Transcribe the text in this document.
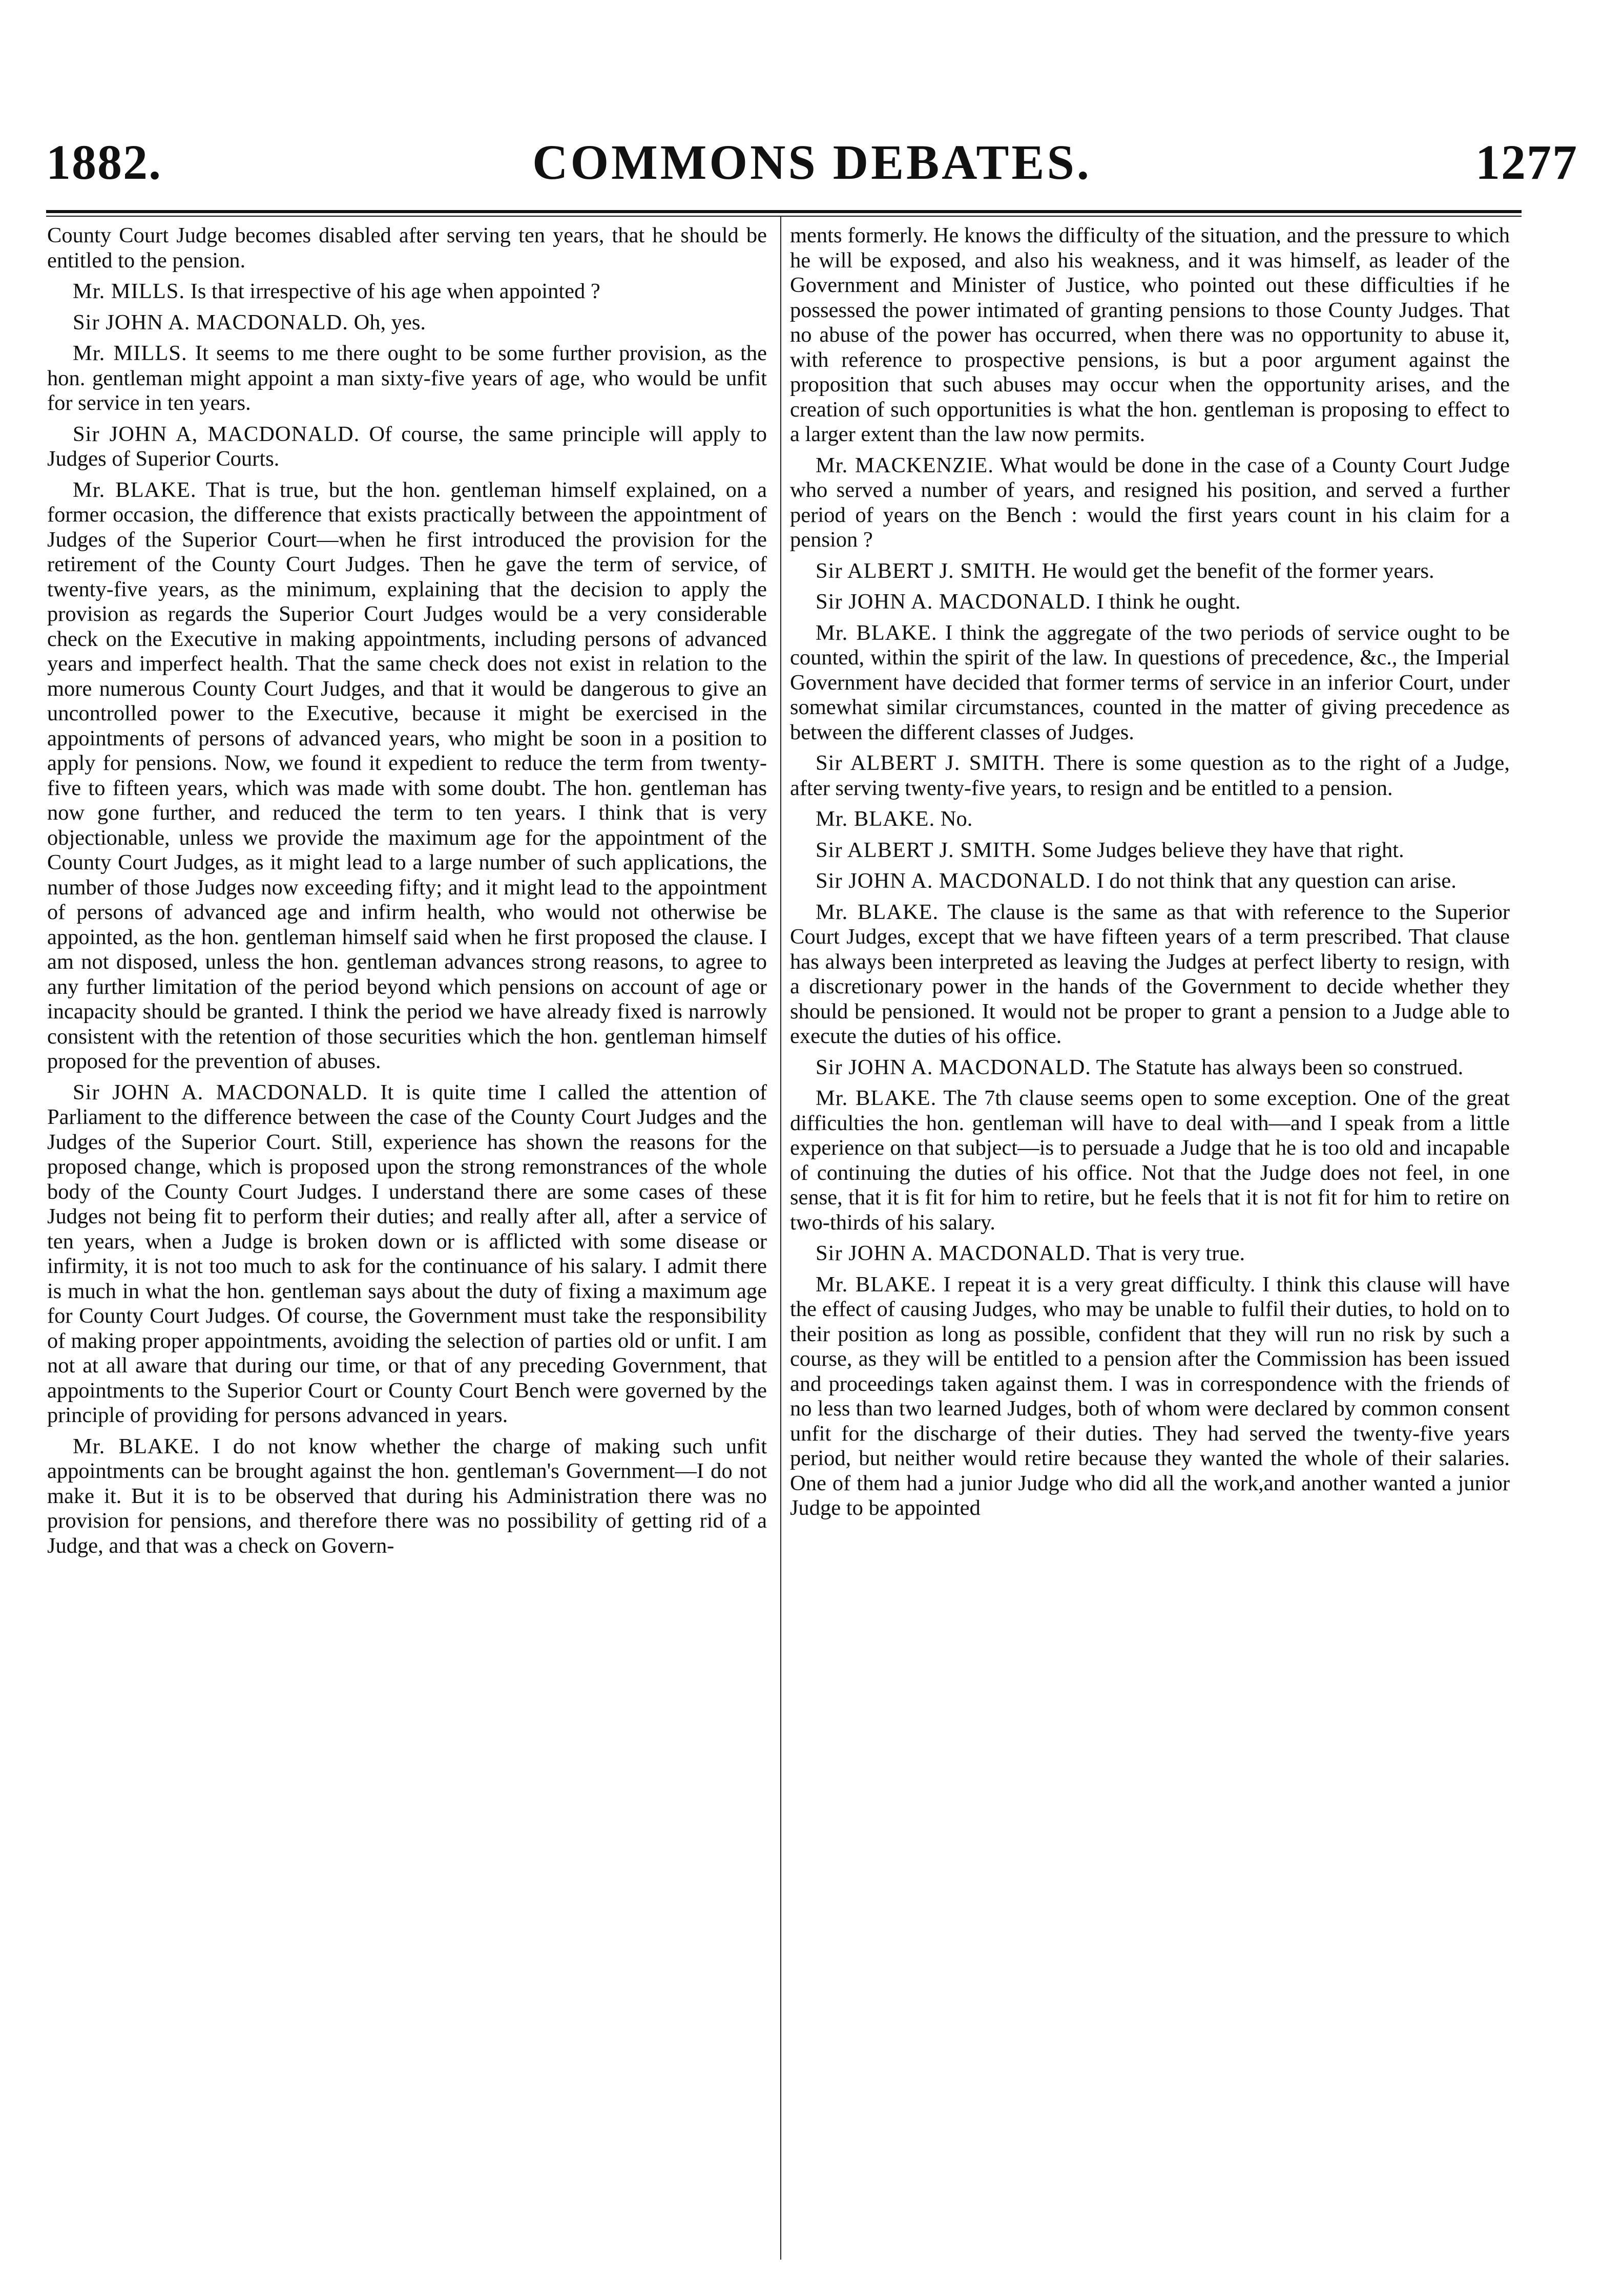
1882.	COMMONS DEBATES.	1277

County Court Judge becomes disabled after serving ten years, that he should be entitled to the pension.

Mr. MILLS. Is that irrespective of his age when appointed ?

Sir JOHN A. MACDONALD. Oh, yes.

Mr. MILLS. It seems to me there ought to be some further provision, as the hon. gentleman might appoint a man sixty-five years of age, who would be unfit for service in ten years.

Sir JOHN A, MACDONALD. Of course, the same principle will apply to Judges of Superior Courts.

Mr. BLAKE. That is true, but the hon. gentleman himself explained, on a former occasion, the difference that exists practically between the appointment of Judges of the Superior Court—when he first introduced the provision for the retirement of the County Court Judges. Then he gave the term of service, of twenty-five years, as the minimum, explaining that the decision to apply the provision as regards the Superior Court Judges would be a very considerable check on the Executive in making appointments, including persons of advanced years and imperfect health. That the same check does not exist in relation to the more numerous County Court Judges, and that it would be dangerous to give an uncontrolled power to the Executive, because it might be exercised in the appointments of persons of advanced years, who might be soon in a position to apply for pensions. Now, we found it expedient to reduce the term from twenty-five to fifteen years, which was made with some doubt. The hon. gentleman has now gone further, and reduced the term to ten years. I think that is very objectionable, unless we provide the maximum age for the appointment of the County Court Judges, as it might lead to a large number of such applications, the number of those Judges now exceeding fifty; and it might lead to the appointment of persons of advanced age and infirm health, who would not otherwise be appointed, as the hon. gentleman himself said when he first proposed the clause. I am not disposed, unless the hon. gentleman advances strong reasons, to agree to any further limitation of the period beyond which pensions on account of age or incapacity should be granted. I think the period we have already fixed is narrowly consistent with the retention of those securities which the hon. gentleman himself proposed for the prevention of abuses.

Sir JOHN A. MACDONALD. It is quite time I called the attention of Parliament to the difference between the case of the County Court Judges and the Judges of the Superior Court. Still, experience has shown the reasons for the proposed change, which is proposed upon the strong remonstrances of the whole body of the County Court Judges. I understand there are some cases of these Judges not being fit to perform their duties; and really after all, after a service of ten years, when a Judge is broken down or is afflicted with some disease or infirmity, it is not too much to ask for the continuance of his salary. I admit there is much in what the hon. gentleman says about the duty of fixing a maximum age for County Court Judges. Of course, the Government must take the responsibility of making proper appointments, avoiding the selection of parties old or unfit. I am not at all aware that during our time, or that of any preceding Government, that appointments to the Superior Court or County Court Bench were governed by the principle of providing for persons advanced in years.

Mr. BLAKE. I do not know whether the charge of making such unfit appointments can be brought against the hon. gentleman's Government—I do not make it. But it is to be observed that during his Administration there was no provision for pensions, and therefore there was no possibility of getting rid of a Judge, and that was a check on Govern-

ments formerly. He knows the difficulty of the situation, and the pressure to which he will be exposed, and also his weakness, and it was himself, as leader of the Government and Minister of Justice, who pointed out these difficulties if he possessed the power intimated of granting pensions to those County Judges. That no abuse of the power has occurred, when there was no opportunity to abuse it, with reference to prospective pensions, is but a poor argument against the proposition that such abuses may occur when the opportunity arises, and the creation of such opportunities is what the hon. gentleman is proposing to effect to a larger extent than the law now permits.

Mr. MACKENZIE. What would be done in the case of a County Court Judge who served a number of years, and resigned his position, and served a further period of years on the Bench : would the first years count in his claim for a pension ?

Sir ALBERT J. SMITH. He would get the benefit of the former years.

Sir JOHN A. MACDONALD. I think he ought.

Mr. BLAKE. I think the aggregate of the two periods of service ought to be counted, within the spirit of the law. In questions of precedence, &c., the Imperial Government have decided that former terms of service in an inferior Court, under somewhat similar circumstances, counted in the matter of giving precedence as between the different classes of Judges.

Sir ALBERT J. SMITH. There is some question as to the right of a Judge, after serving twenty-five years, to resign and be entitled to a pension.

Mr. BLAKE. No.

Sir ALBERT J. SMITH. Some Judges believe they have that right.

Sir JOHN A. MACDONALD. I do not think that any question can arise.

Mr. BLAKE. The clause is the same as that with reference to the Superior Court Judges, except that we have fifteen years of a term prescribed. That clause has always been interpreted as leaving the Judges at perfect liberty to resign, with a discretionary power in the hands of the Government to decide whether they should be pensioned. It would not be proper to grant a pension to a Judge able to execute the duties of his office.

Sir JOHN A. MACDONALD. The Statute has always been so construed.

Mr. BLAKE. The 7th clause seems open to some exception. One of the great difficulties the hon. gentleman will have to deal with—and I speak from a little experience on that subject—is to persuade a Judge that he is too old and incapable of continuing the duties of his office. Not that the Judge does not feel, in one sense, that it is fit for him to retire, but he feels that it is not fit for him to retire on two-thirds of his salary.

Sir JOHN A. MACDONALD. That is very true.

Mr. BLAKE. I repeat it is a very great difficulty. I think this clause will have the effect of causing Judges, who may be unable to fulfil their duties, to hold on to their position as long as possible, confident that they will run no risk by such a course, as they will be entitled to a pension after the Commission has been issued and proceedings taken against them. I was in correspondence with the friends of no less than two learned Judges, both of whom were declared by common consent unfit for the discharge of their duties. They had served the twenty-five years period, but neither would retire because they wanted the whole of their salaries. One of them had a junior Judge who did all the work,and another wanted a junior Judge to be appointed
